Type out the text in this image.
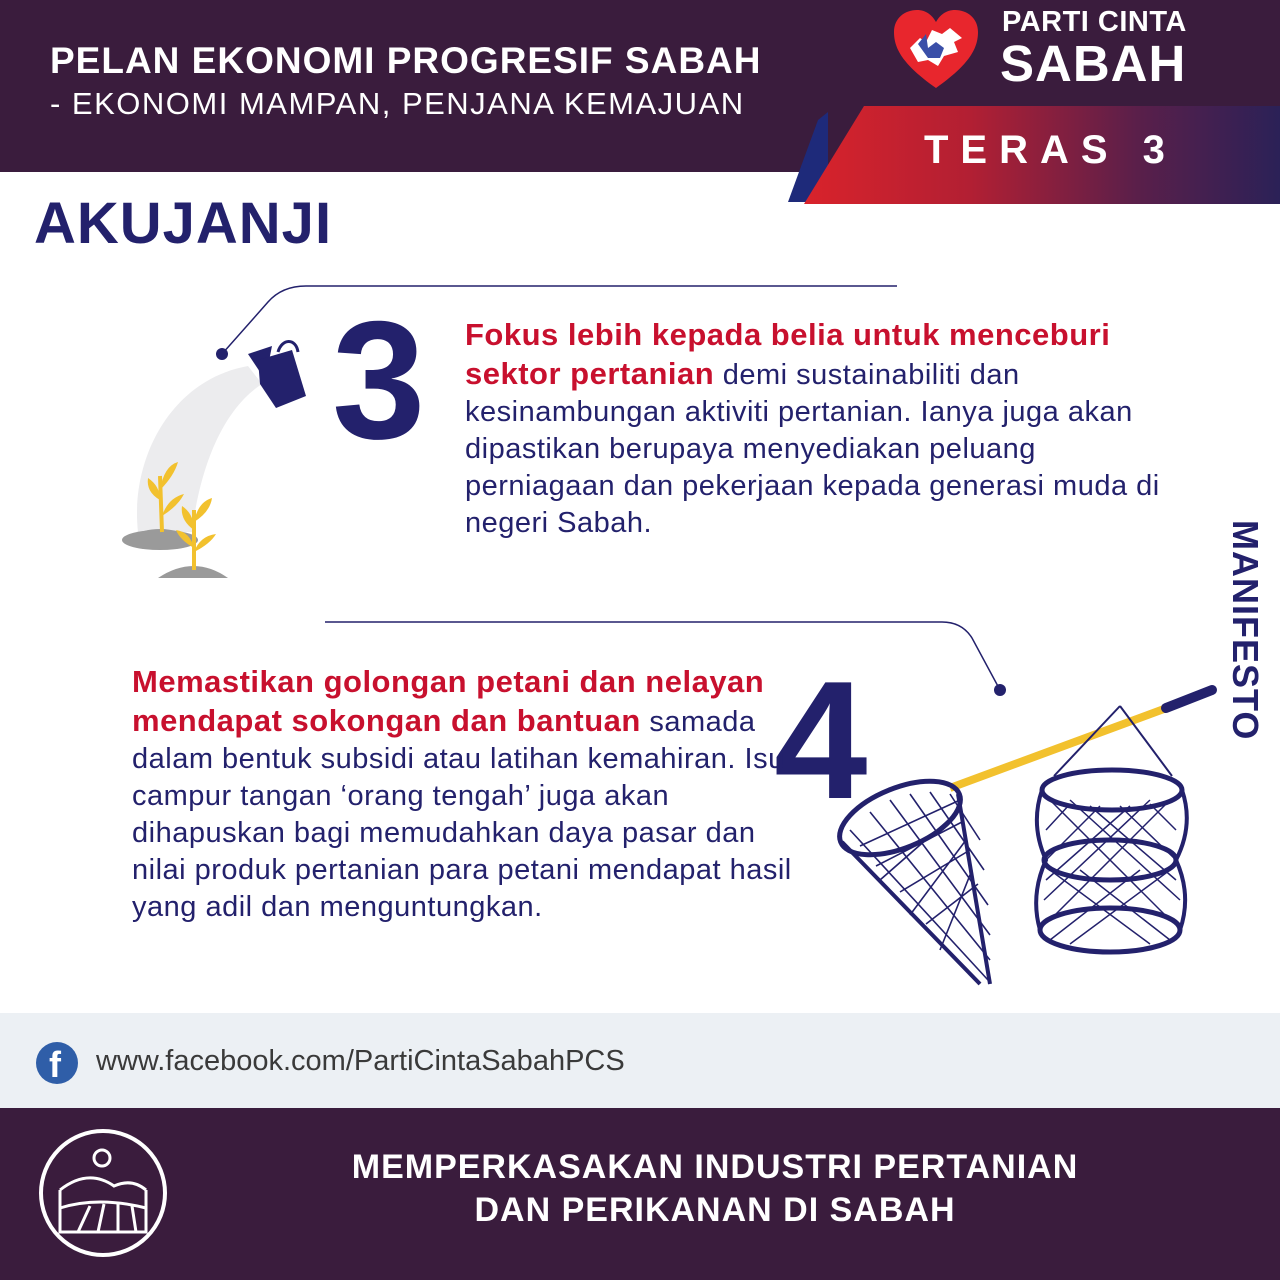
PELAN EKONOMI PROGRESIF SABAH
- EKONOMI MAMPAN, PENJANA KEMAJUAN
PARTI CINTA
SABAH
TERAS 3
AKUJANJI
3 Fokus lebih kepada belia untuk menceburi sektor pertanian demi sustainabiliti dan kesinambungan aktiviti pertanian. Ianya juga akan dipastikan berupaya menyediakan peluang perniagaan dan pekerjaan kepada generasi muda di negeri Sabah.
4
Memastikan golongan petani dan nelayan mendapat sokongan dan bantuan samada dalam bentuk subsidi atau latihan kemahiran. Isu campur tangan ‘orang tengah’ juga akan dihapuskan bagi memudahkan daya pasar dan nilai produk pertanian para petani mendapat hasil yang adil dan menguntungkan.
MANIFESTO
f www.facebook.com/PartiCintaSabahPCS
MEMPERKASAKAN INDUSTRI PERTANIAN
DAN PERIKANAN DI SABAH
